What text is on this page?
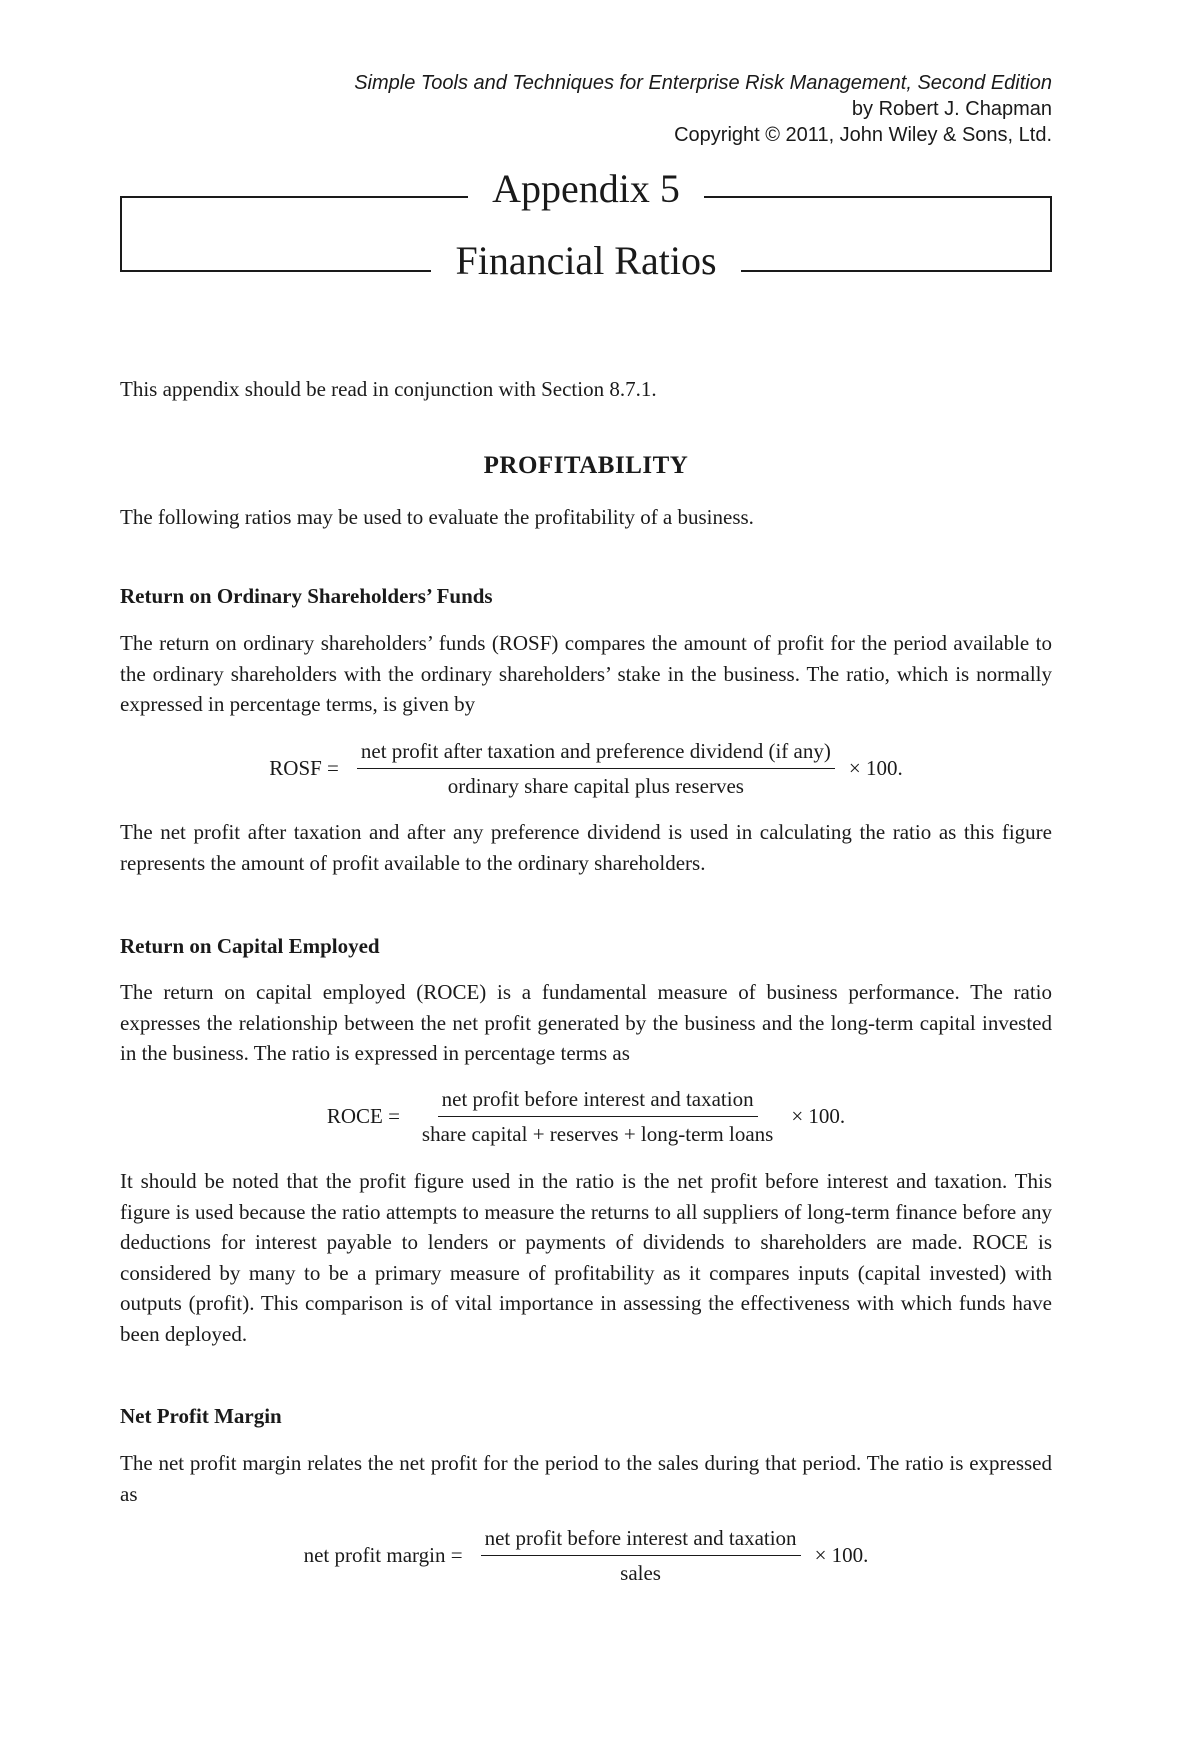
Simple Tools and Techniques for Enterprise Risk Management, Second Edition
by Robert J. Chapman
Copyright © 2011, John Wiley & Sons, Ltd.
Appendix 5
Financial Ratios
This appendix should be read in conjunction with Section 8.7.1.
PROFITABILITY
The following ratios may be used to evaluate the profitability of a business.
Return on Ordinary Shareholders’ Funds
The return on ordinary shareholders’ funds (ROSF) compares the amount of profit for the period available to the ordinary shareholders with the ordinary shareholders’ stake in the business. The ratio, which is normally expressed in percentage terms, is given by
ROSF = $\frac{\text{net profit after taxation and preference dividend (if any)}}{\text{ordinary share capital plus reserves}} \times 100$.
The net profit after taxation and after any preference dividend is used in calculating the ratio as this figure represents the amount of profit available to the ordinary shareholders.
Return on Capital Employed
The return on capital employed (ROCE) is a fundamental measure of business performance. The ratio expresses the relationship between the net profit generated by the business and the long-term capital invested in the business. The ratio is expressed in percentage terms as
ROCE = $\frac{\text{net profit before interest and taxation}}{\text{share capital + reserves + long-term loans}} \times 100$.
It should be noted that the profit figure used in the ratio is the net profit before interest and taxation. This figure is used because the ratio attempts to measure the returns to all suppliers of long-term finance before any deductions for interest payable to lenders or payments of dividends to shareholders are made. ROCE is considered by many to be a primary measure of profitability as it compares inputs (capital invested) with outputs (profit). This comparison is of vital importance in assessing the effectiveness with which funds have been deployed.
Net Profit Margin
The net profit margin relates the net profit for the period to the sales during that period. The ratio is expressed as
net profit margin = $\frac{\text{net profit before interest and taxation}}{\text{sales}} \times 100$.
